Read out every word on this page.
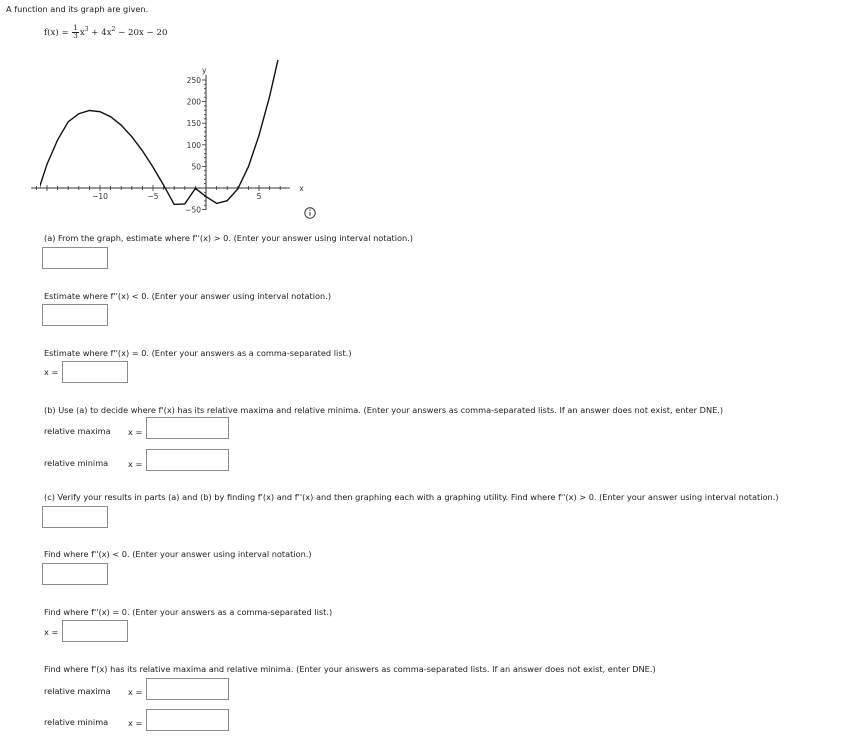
A function and its graph are given.
$f(x) = \frac{1}{3} x^3 + 4x^2 - 20x - 20$
y
x
250
200
150
100
50
−50
−10	−5	5
(a) From the graph, estimate where f''(x) > 0. (Enter your answer using interval notation.)
Estimate where f''(x) < 0. (Enter your answer using interval notation.)
Estimate where f''(x) = 0. (Enter your answers as a comma-separated list.)
x =
(b) Use (a) to decide where f'(x) has its relative maxima and relative minima. (Enter your answers as comma-separated lists. If an answer does not exist, enter DNE.)
relative maxima x =
relative minima x =
(c) Verify your results in parts (a) and (b) by finding f'(x) and f''(x) and then graphing each with a graphing utility. Find where f''(x) > 0. (Enter your answer using interval notation.)
Find where f''(x) < 0. (Enter your answer using interval notation.)
Find where f''(x) = 0. (Enter your answers as a comma-separated list.)
x =
Find where f'(x) has its relative maxima and relative minima. (Enter your answers as comma-separated lists. If an answer does not exist, enter DNE.)
relative maxima x =
relative minima x =
